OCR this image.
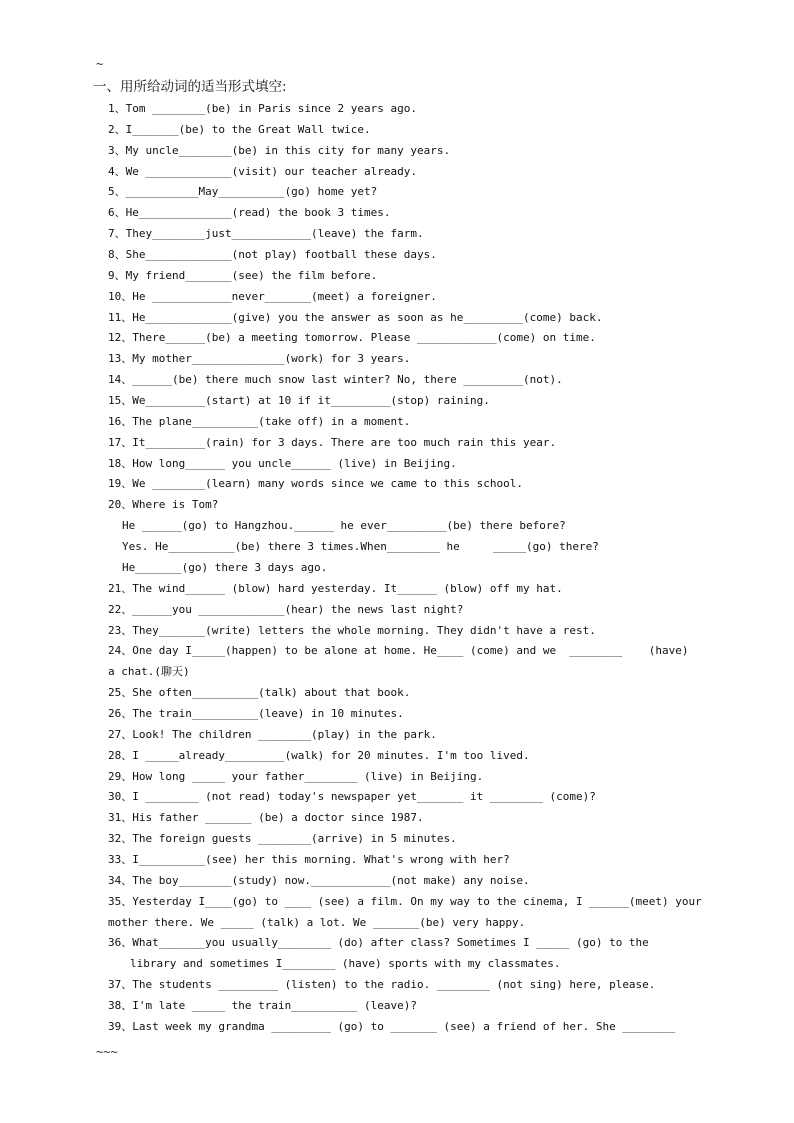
~
一、用所给动词的适当形式填空:
1、Tom ________(be) in Paris since 2 years ago.
2、I_______(be) to the Great Wall twice.
3、My uncle________(be) in this city for many years.
4、We _____________(visit) our teacher already.
5、___________May__________(go) home yet?
6、He______________(read) the book 3 times.
7、They________just____________(leave) the farm.
8、She_____________(not play) football these days.
9、My friend_______(see) the film before.
10、He ____________never_______(meet) a foreigner.
11、He_____________(give) you the answer as soon as he_________(come) back.
12、There______(be) a meeting tomorrow. Please ____________(come) on time.
13、My mother______________(work) for 3 years.
14、______(be) there much snow last winter? No, there _________(not).
15、We_________(start) at 10 if it_________(stop) raining.
16、The plane__________(take off) in a moment.
17、It_________(rain) for 3 days. There are too much rain this year.
18、How long______ you uncle______ (live) in Beijing.
19、We ________(learn) many words since we came to this school.
20、Where is Tom?
He ______(go) to Hangzhou.______ he ever_________(be) there before?
Yes. He__________(be) there 3 times.When________ he     _____(go) there?
He_______(go) there 3 days ago.
21、The wind______ (blow) hard yesterday. It______ (blow) off my hat.
22、______you _____________(hear) the news last night?
23、They_______(write) letters the whole morning. They didn't have a rest.
24、One day I_____(happen) to be alone at home. He____ (come) and we  ________    (have)
a chat.(聊天)
25、She often__________(talk) about that book.
26、The train__________(leave) in 10 minutes.
27、Look! The children ________(play) in the park.
28、I _____already_________(walk) for 20 minutes. I'm too lived.
29、How long _____ your father________ (live) in Beijing.
30、I ________ (not read) today's newspaper yet_______ it ________ (come)?
31、His father _______ (be) a doctor since 1987.
32、The foreign guests ________(arrive) in 5 minutes.
33、I__________(see) her this morning. What's wrong with her?
34、The boy________(study) now.____________(not make) any noise.
35、Yesterday I____(go) to ____ (see) a film. On my way to the cinema, I ______(meet) your
mother there. We _____ (talk) a lot. We _______(be) very happy.
36、What_______you usually________ (do) after class? Sometimes I _____ (go) to the
library and sometimes I________ (have) sports with my classmates.
37、The students _________ (listen) to the radio. ________ (not sing) here, please.
38、I'm late _____ the train__________ (leave)?
39、Last week my grandma _________ (go) to _______ (see) a friend of her. She ________
~~~
